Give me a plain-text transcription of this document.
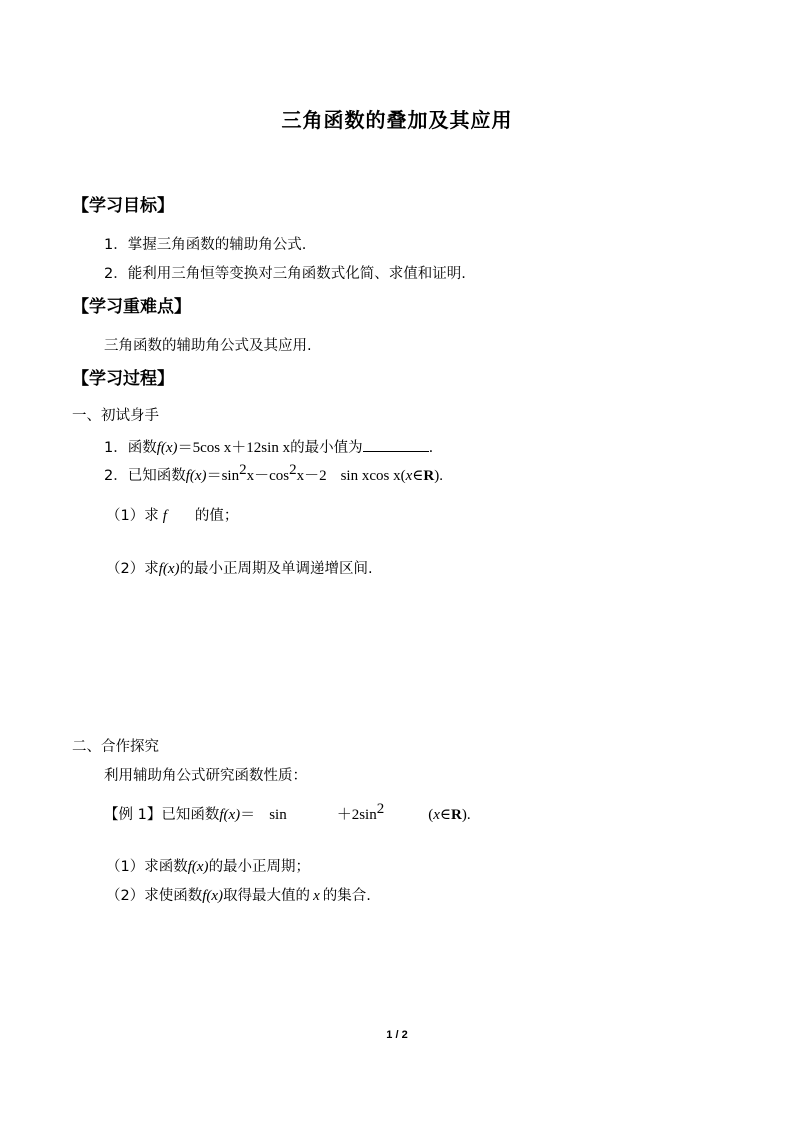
三角函数的叠加及其应用
【学习目标】
1．掌握三角函数的辅助角公式.
2．能利用三角恒等变换对三角函数式化简、求值和证明.
【学习重难点】
三角函数的辅助角公式及其应用.
【学习过程】
一、初试身手
1．函数f(x)＝5cos x＋12sin x的最小值为	.
2．已知函数$f(x)=\sin^2x-\cos^2x-2$ sin xcos x(x∈R).
（1）求 f 的值；
（2）求f(x)的最小正周期及单调递增区间.
二、合作探究
利用辅助角公式研究函数性质：
【例 1】已知函数f(x)＝ sin	$+2\sin^2$	(x∈R).
（1）求函数f(x)的最小正周期；
（2）求使函数f(x)取得最大值的 x 的集合.
1 / 2
